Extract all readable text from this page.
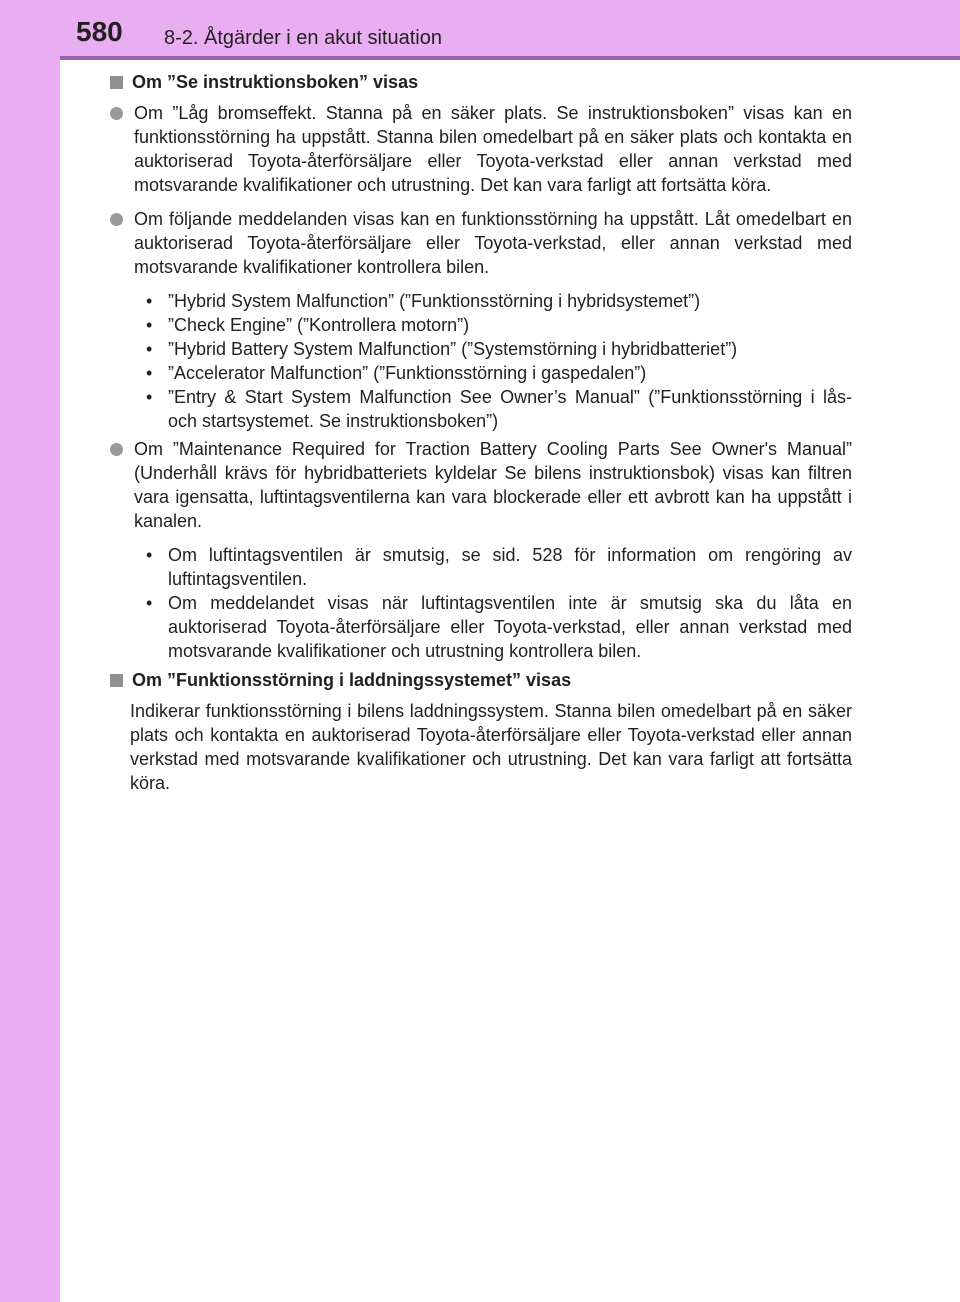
580 8-2. Åtgärder i en akut situation

Om ”Se instruktionsboken” visas

Om ”Låg bromseffekt. Stanna på en säker plats. Se instruktionsboken” visas kan en funktionsstörning ha uppstått. Stanna bilen omedelbart på en säker plats och kontakta en auktoriserad Toyota-återförsäljare eller Toyota-verkstad eller annan verkstad med motsvarande kvalifikationer och utrustning. Det kan vara farligt att fortsätta köra.

Om följande meddelanden visas kan en funktionsstörning ha uppstått. Låt omedelbart en auktoriserad Toyota-återförsäljare eller Toyota-verkstad, eller annan verkstad med motsvarande kvalifikationer kontrollera bilen.

• ”Hybrid System Malfunction” (”Funktionsstörning i hybridsystemet”)
• ”Check Engine” (”Kontrollera motorn”)
• ”Hybrid Battery System Malfunction” (”Systemstörning i hybridbatteriet”)
• ”Accelerator Malfunction” (”Funktionsstörning i gaspedalen”)
• ”Entry & Start System Malfunction See Owner’s Manual” (”Funktionsstörning i lås- och startsystemet. Se instruktionsboken”)

Om ”Maintenance Required for Traction Battery Cooling Parts See Owner's Manual” (Underhåll krävs för hybridbatteriets kyldelar Se bilens instruktionsbok) visas kan filtren vara igensatta, luftintagsventilerna kan vara blockerade eller ett avbrott kan ha uppstått i kanalen.

• Om luftintagsventilen är smutsig, se sid. 528 för information om rengöring av luftintagsventilen.
• Om meddelandet visas när luftintagsventilen inte är smutsig ska du låta en auktoriserad Toyota-återförsäljare eller Toyota-verkstad, eller annan verkstad med motsvarande kvalifikationer och utrustning kontrollera bilen.

Om ”Funktionsstörning i laddningssystemet” visas

Indikerar funktionsstörning i bilens laddningssystem. Stanna bilen omedelbart på en säker plats och kontakta en auktoriserad Toyota-återförsäljare eller Toyota-verkstad eller annan verkstad med motsvarande kvalifikationer och utrustning. Det kan vara farligt att fortsätta köra.
